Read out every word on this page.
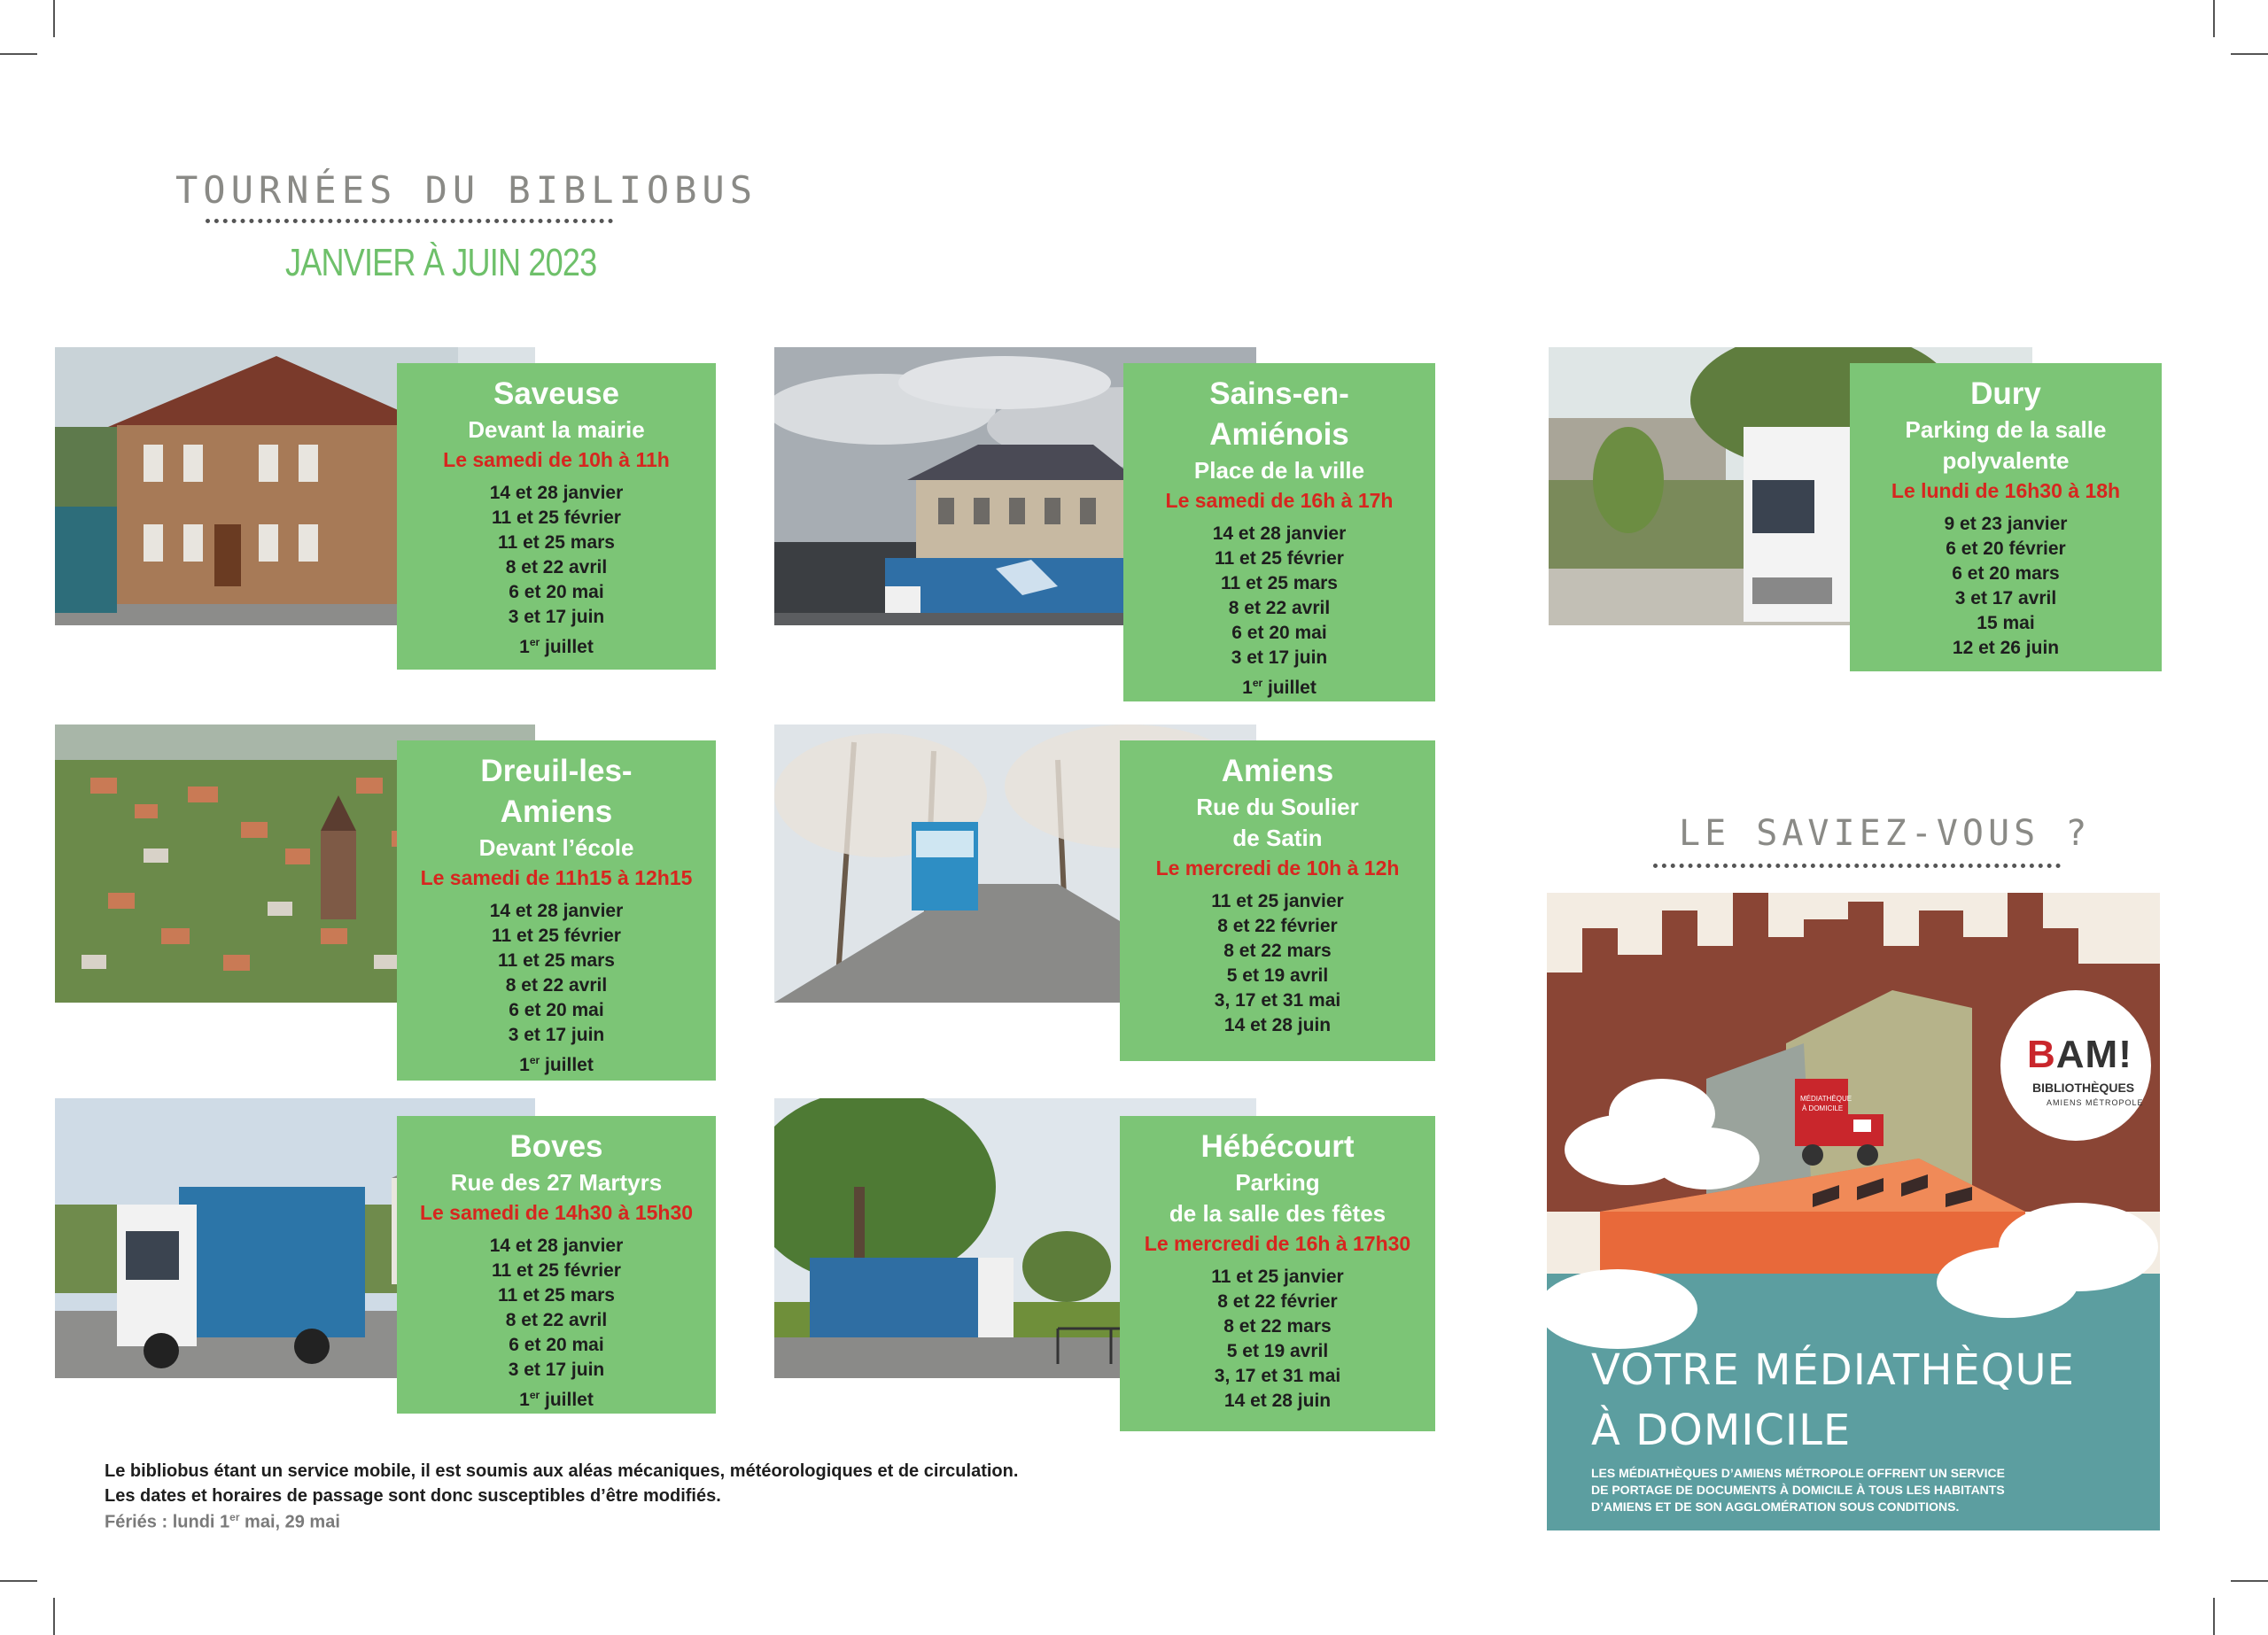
TOURNÉES DU BIBLIOBUS
JANVIER À JUIN 2023
Saveuse
Devant la mairie
Le samedi de 10h à 11h
14 et 28 janvier
11 et 25 février
11 et 25 mars
8 et 22 avril
6 et 20 mai
3 et 17 juin
1er juillet
Sains-en-
Amiénois
Place de la ville
Le samedi de 16h à 17h
14 et 28 janvier
11 et 25 février
11 et 25 mars
8 et 22 avril
6 et 20 mai
3 et 17 juin
1er juillet
Dury
Parking de la salle
polyvalente
Le lundi de 16h30 à 18h
9 et 23 janvier
6 et 20 février
6 et 20 mars
3 et 17 avril
15 mai
12 et 26 juin
Dreuil-les-
Amiens
Devant l’école
Le samedi de 11h15 à 12h15
14 et 28 janvier
11 et 25 février
11 et 25 mars
8 et 22 avril
6 et 20 mai
3 et 17 juin
1er juillet
Amiens
Rue du Soulier
de Satin
Le mercredi de 10h à 12h
11 et 25 janvier
8 et 22 février
8 et 22 mars
5 et 19 avril
3, 17 et 31 mai
14 et 28 juin
Boves
Rue des 27 Martyrs
Le samedi de 14h30 à 15h30
14 et 28 janvier
11 et 25 février
11 et 25 mars
8 et 22 avril
6 et 20 mai
3 et 17 juin
1er juillet
Hébécourt
Parking
de la salle des fêtes
Le mercredi de 16h à 17h30
11 et 25 janvier
8 et 22 février
8 et 22 mars
5 et 19 avril
3, 17 et 31 mai
14 et 28 juin
Le bibliobus étant un service mobile, il est soumis aux aléas mécaniques, météorologiques et de circulation.
Les dates et horaires de passage sont donc susceptibles d’être modifiés.
Fériés : lundi 1er mai, 29 mai
LE SAVIEZ-VOUS ?
MÉDIATHÈQUE
À DOMICILE
BAM!
BIBLIOTHÈQUES
AMIENS MÉTROPOLE
VOTRE MÉDIATHÈQUE
À DOMICILE
LES MÉDIATHÈQUES D’AMIENS MÉTROPOLE OFFRENT UN SERVICE
DE PORTAGE DE DOCUMENTS À DOMICILE À TOUS LES HABITANTS
D’AMIENS ET DE SON AGGLOMÉRATION SOUS CONDITIONS.
